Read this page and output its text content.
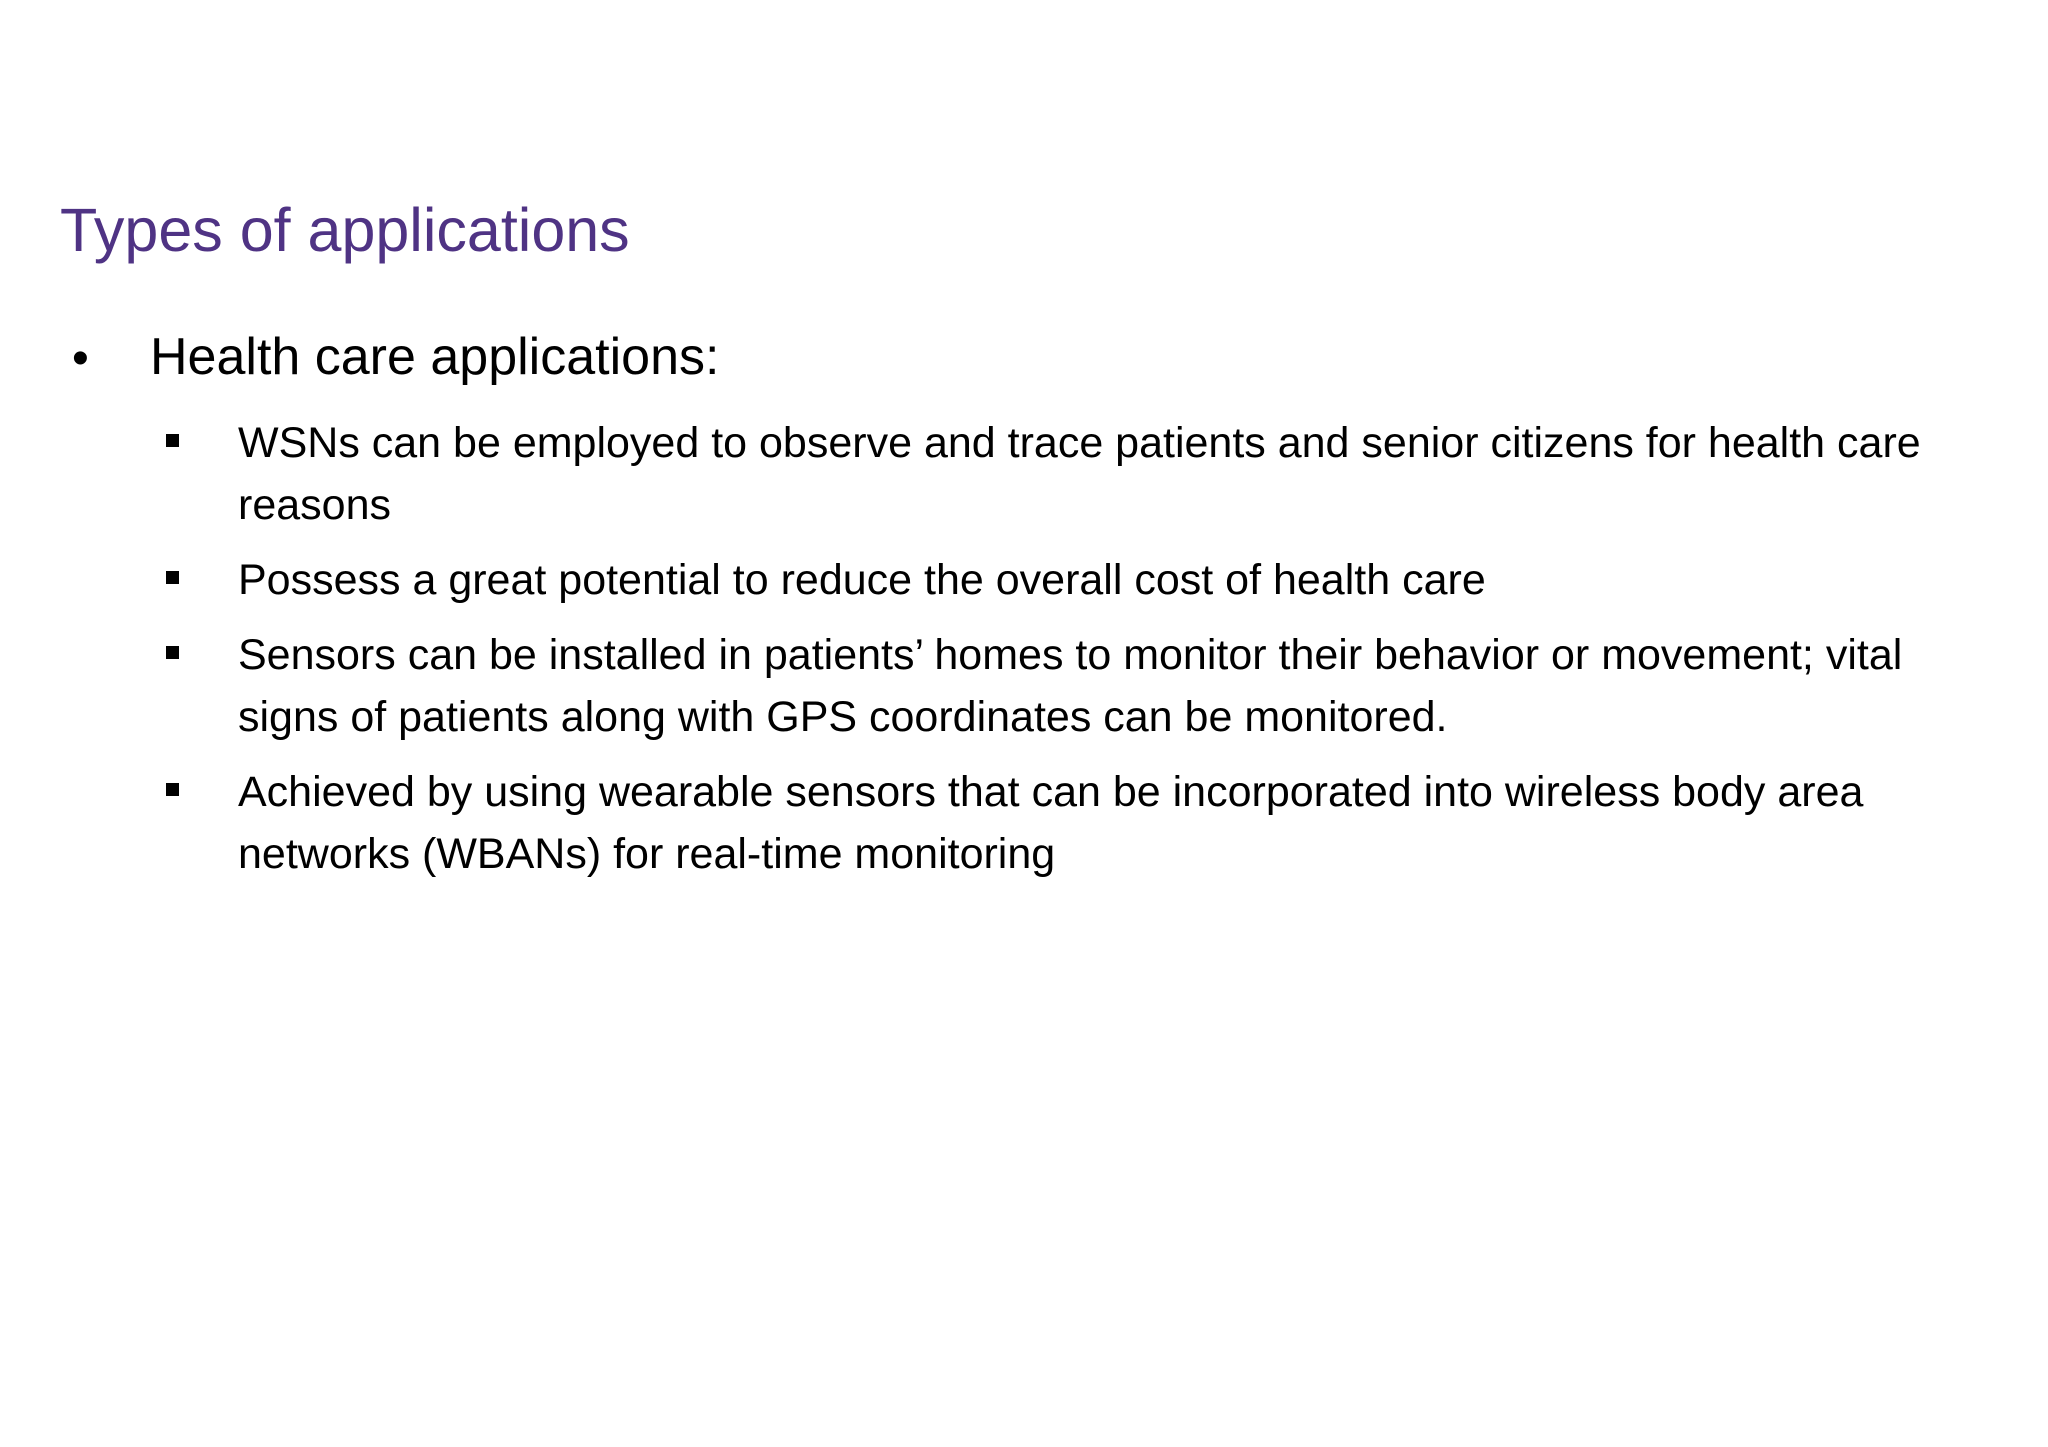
Types of applications
•	Health care applications:
WSNs can be employed to observe and trace patients and senior citizens for health care reasons
Possess a great potential to reduce the overall cost of health care
Sensors can be installed in patients’ homes to monitor their behavior or movement; vital signs of patients along with GPS coordinates can be monitored.
Achieved by using wearable sensors that can be incorporated into wireless body area networks (WBANs) for real-time monitoring
